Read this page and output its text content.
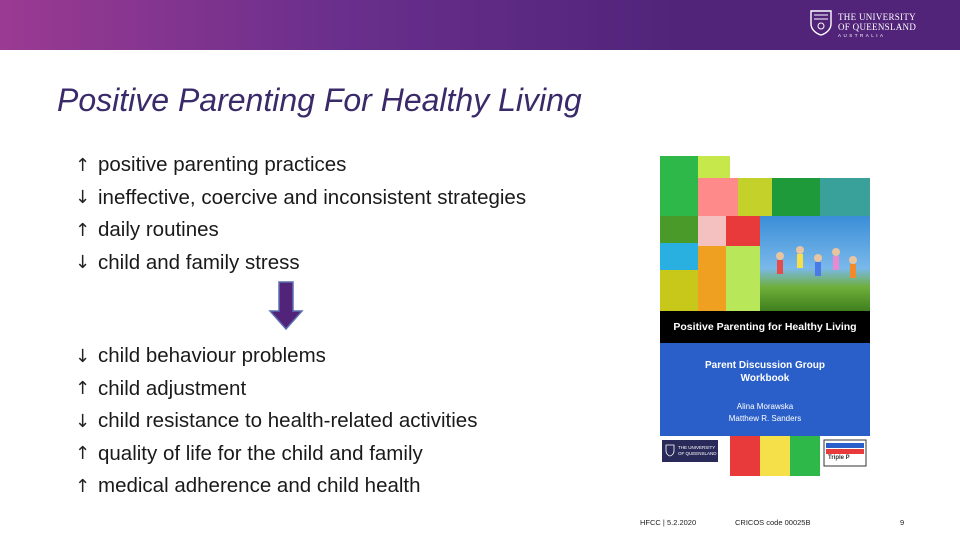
THE UNIVERSITY
OF QUEENSLAND
AUSTRALIA
Positive Parenting For Healthy Living
↑ positive parenting practices
↓ ineffective, coercive and inconsistent strategies
↑ daily routines
↓ child and family stress
↓ child behaviour problems
↑ child adjustment
↓ child resistance to health-related activities
↑ quality of life for the child and family
↑ medical adherence and child health
Positive Parenting for Healthy Living
Parent Discussion Group Workbook
Alina Morawska
Matthew R. Sanders
THE UNIVERSITY
OF QUEENSLAND
Triple P
HFCC | 5.2.2020	CRICOS code 00025B	9
